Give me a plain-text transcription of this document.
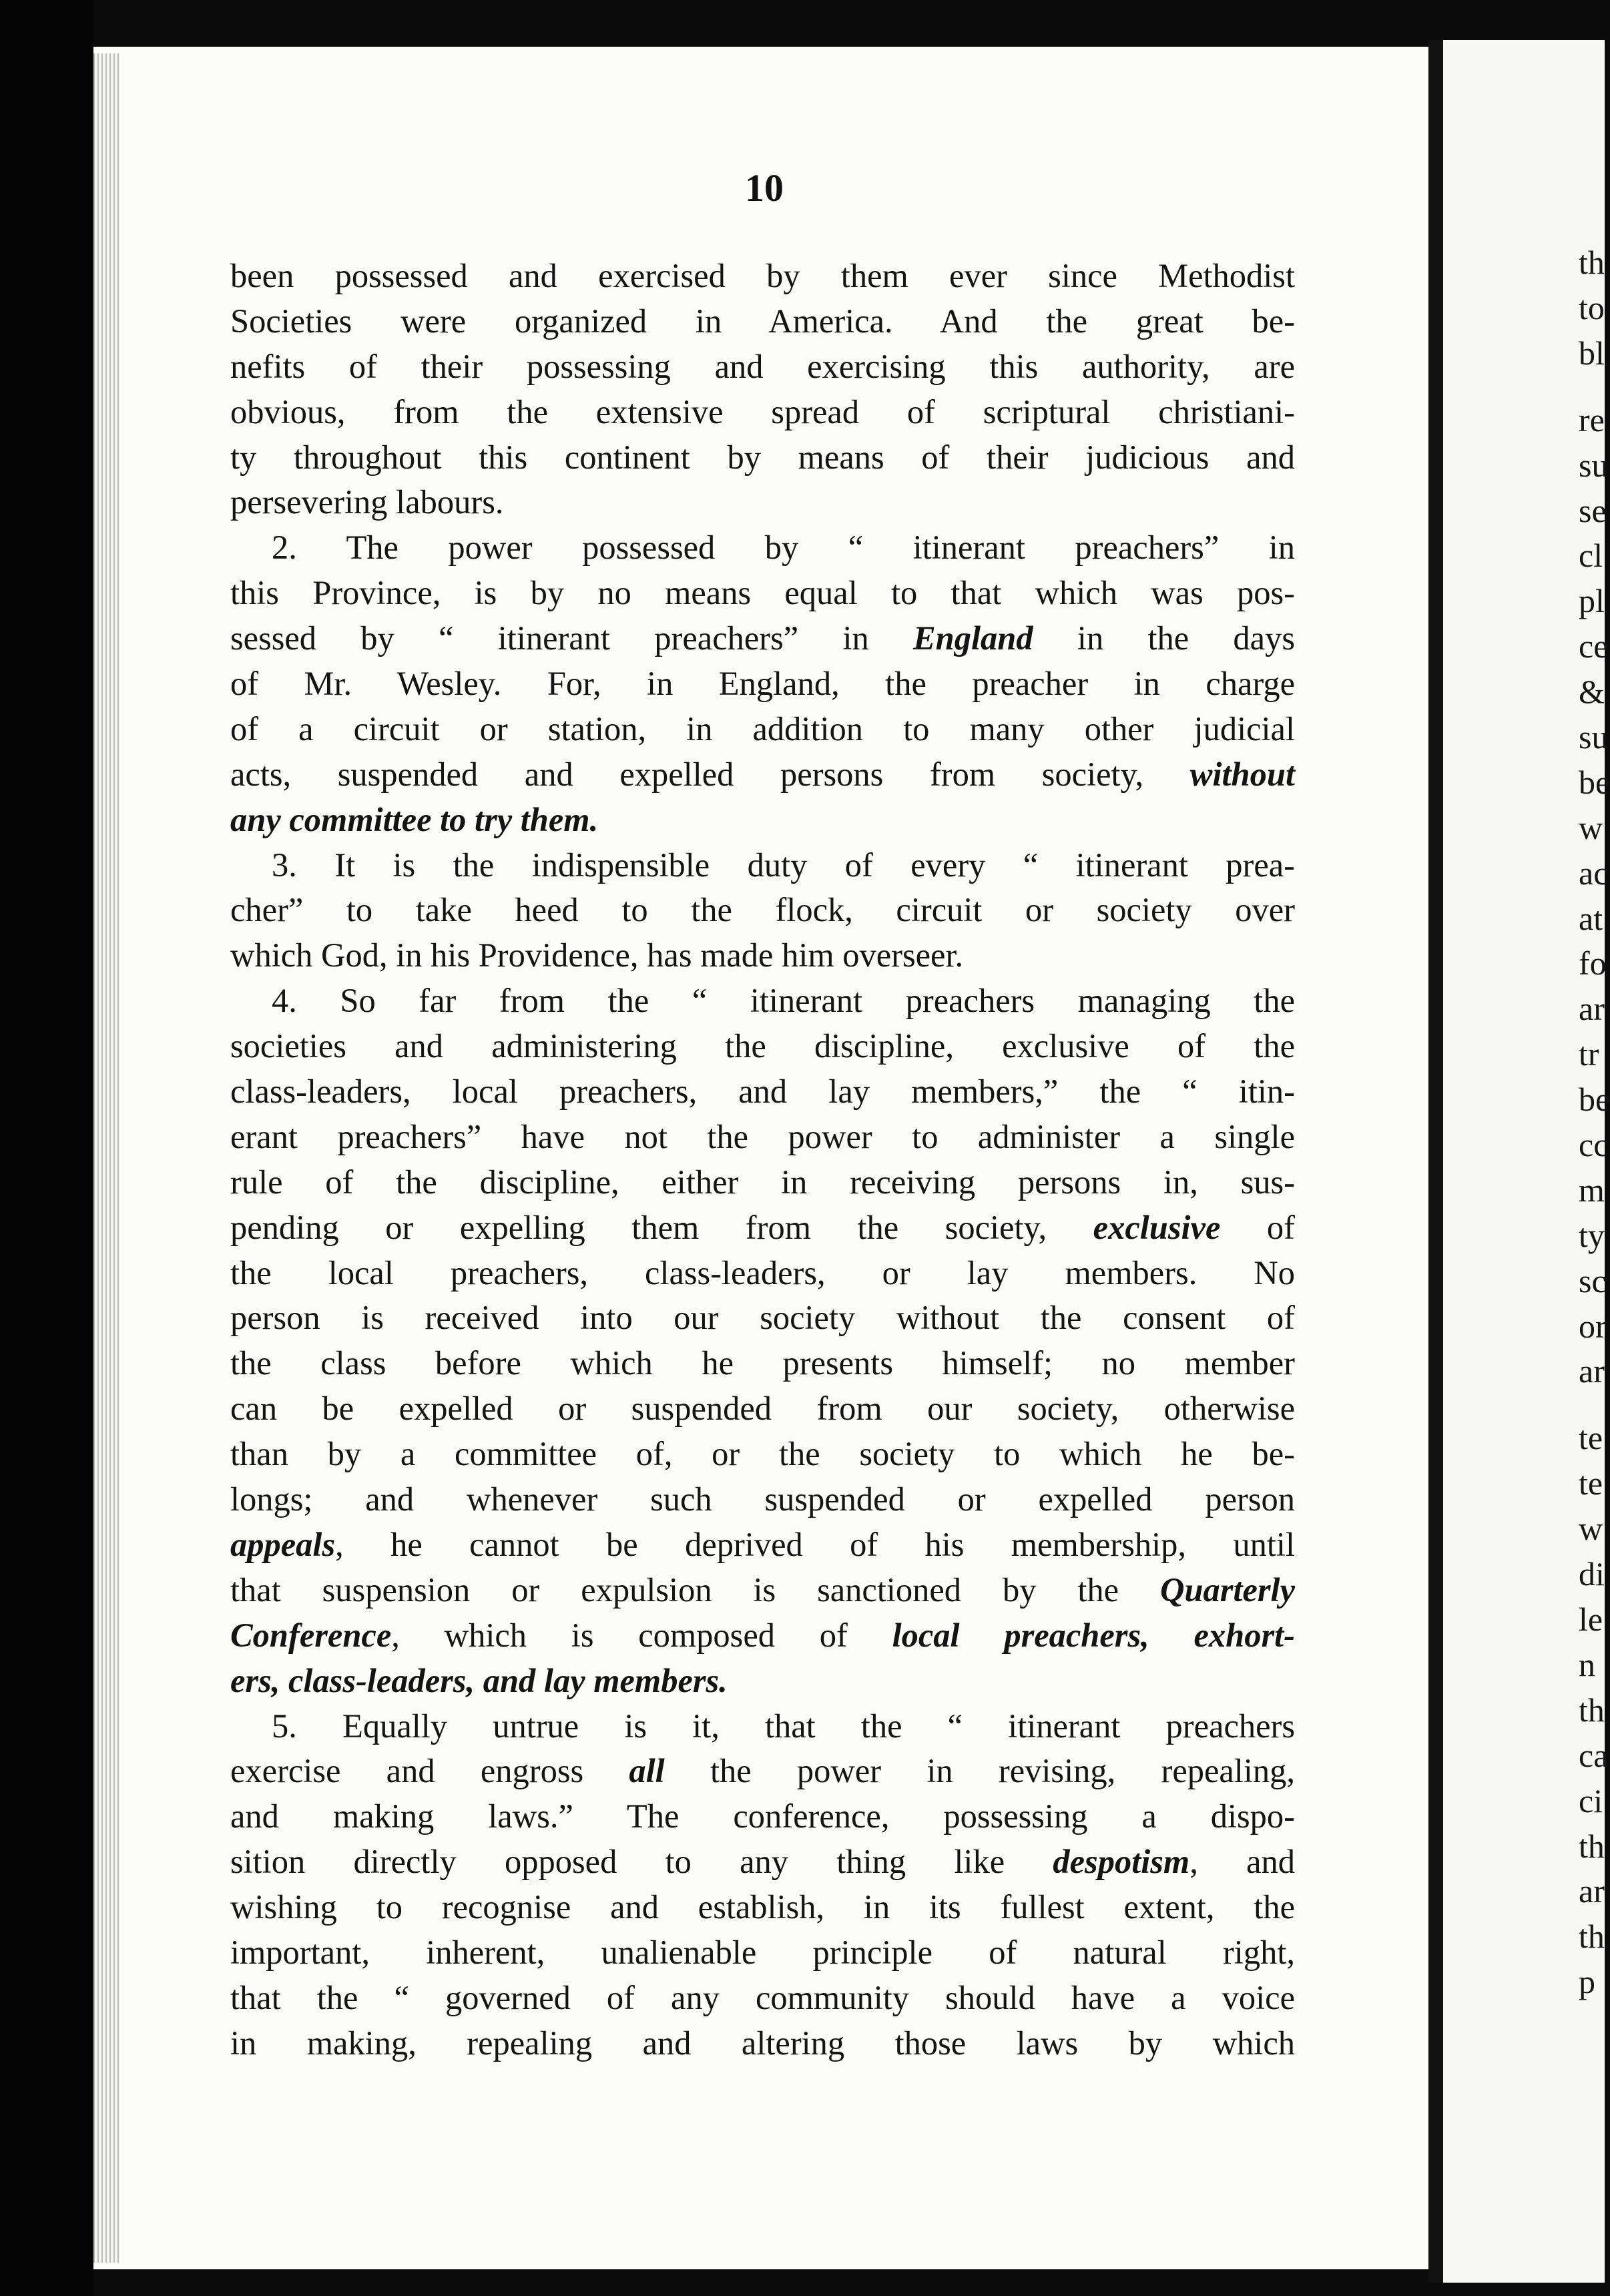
10
been possessed and exercised by them ever since Methodist
Societies were organized in America. And the great be-
nefits of their possessing and exercising this authority, are
obvious, from the extensive spread of scriptural christiani-
ty throughout this continent by means of their judicious and
persevering labours.
2. The power possessed by “ itinerant preachers” in
this Province, is by no means equal to that which was pos-
sessed by “ itinerant preachers” in England in the days
of Mr. Wesley. For, in England, the preacher in charge
of a circuit or station, in addition to many other judicial
acts, suspended and expelled persons from society, without
any committee to try them.
3. It is the indispensible duty of every “ itinerant prea-
cher” to take heed to the flock, circuit or society over
which God, in his Providence, has made him overseer.
4. So far from the “ itinerant preachers managing the
societies and administering the discipline, exclusive of the
class-leaders, local preachers, and lay members,” the “ itin-
erant preachers” have not the power to administer a single
rule of the discipline, either in receiving persons in, sus-
pending or expelling them from the society, exclusive of
the local preachers, class-leaders, or lay members. No
person is received into our society without the consent of
the class before which he presents himself; no member
can be expelled or suspended from our society, otherwise
than by a committee of, or the society to which he be-
longs; and whenever such suspended or expelled person
appeals, he cannot be deprived of his membership, until
that suspension or expulsion is sanctioned by the Quarterly
Conference, which is composed of local preachers, exhort-
ers, class-leaders, and lay members.
5. Equally untrue is it, that the “ itinerant preachers
exercise and engross all the power in revising, repealing,
and making laws.” The conference, possessing a dispo-
sition directly opposed to any thing like despotism, and
wishing to recognise and establish, in its fullest extent, the
important, inherent, unalienable principle of natural right,
that the “ governed of any community should have a voice
in making, repealing and altering those laws by which
th
to
bl
re
su
se
cl
pl
ce
&
su
be
w
ac
at
fo
ar
tr
be
cc
m
ty
sc
or
ar
te
te
w
di
le
n
th
ca
ci
th
ar
th
p
